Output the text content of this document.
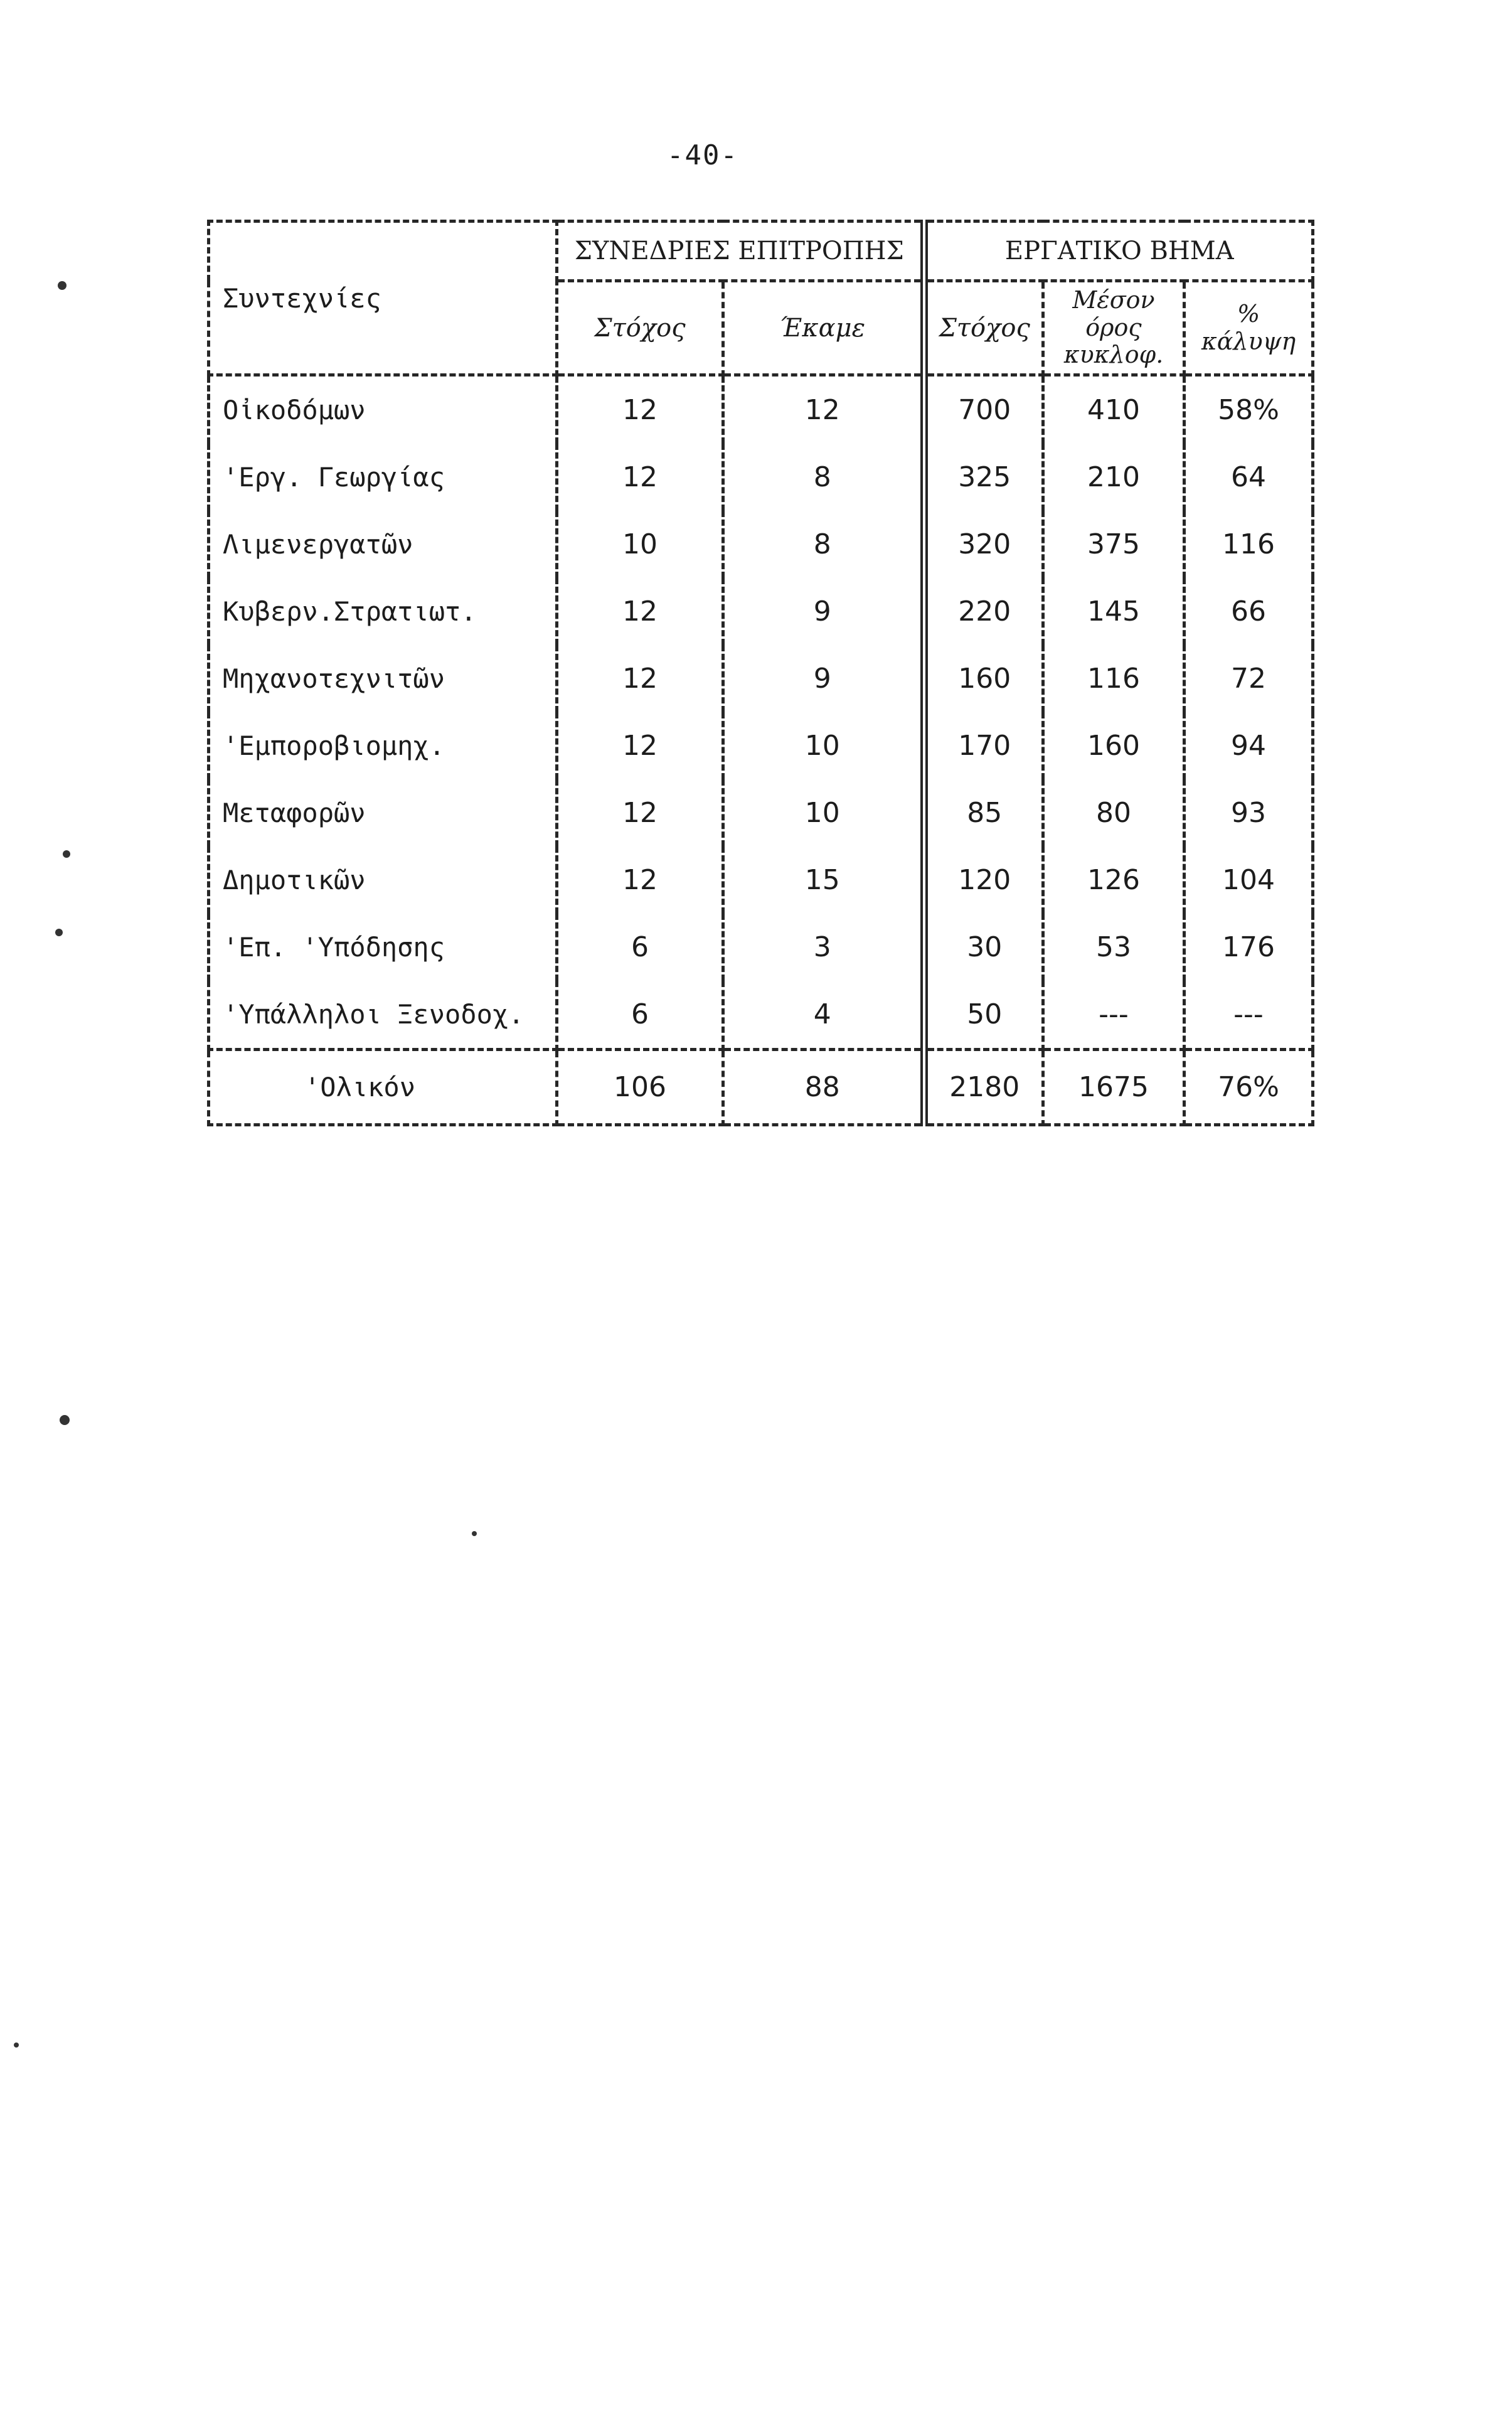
-40-
Συντεχνίες	ΣΥΝΕΔΡΙΕΣ ΕΠΙΤΡΟΠΗΣ		ΕΡΓΑΤΙΚΟ ΒΗΜΑ		
	Στόχος	Έκαμε	Στόχος	Μέσον όρος κυκλοφ.	% κάλυψη
Οἰκοδόμων	12	12	700	410	58%
'Εργ. Γεωργίας	12	8	325	210	64
Λιμενεργατῶν	10	8	320	375	116
Κυβερν.Στρατιωτ.	12	9	220	145	66
Μηχανοτεχνιτῶν	12	9	160	116	72
'Εμποροβιομηχ.	12	10	170	160	94
Μεταφορῶν	12	10	85	80	93
Δημοτικῶν	12	15	120	126	104
'Επ. 'Υπόδησης	6	3	30	53	176
'Υπάλληλοι Ξενοδοχ.	6	4	50	---	---
'Ολικόν	106	88	2180	1675	76%
